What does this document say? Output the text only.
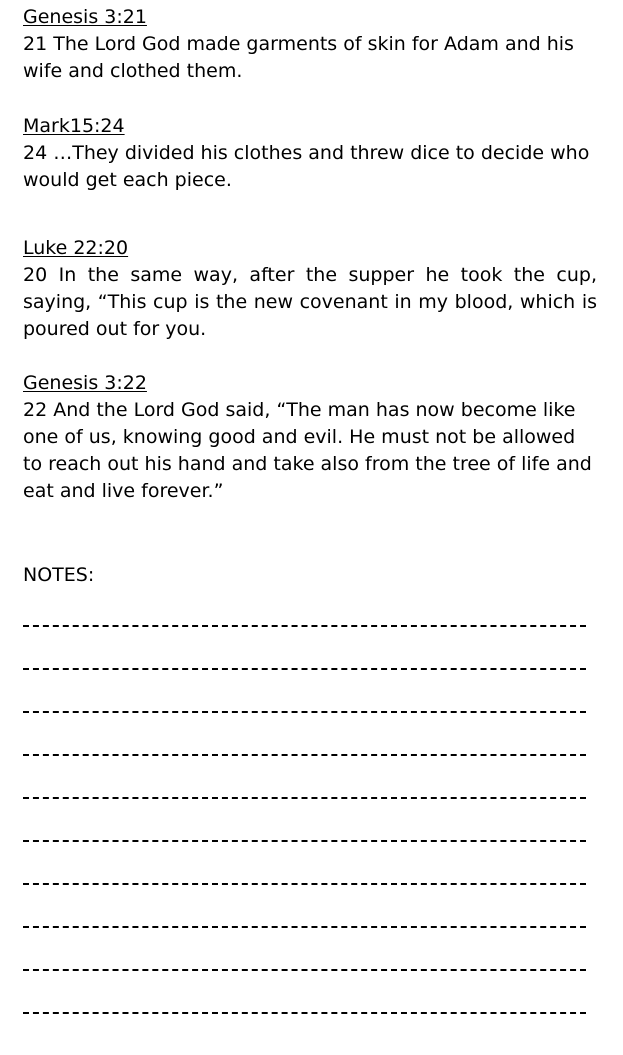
Genesis 3:21

21 The Lord God made garments of skin for Adam and his wife and clothed them.

Mark15:24

24 …They divided his clothes and threw dice to decide who would get each piece.

Luke 22:20

20 In the same way, after the supper he took the cup, saying, “This cup is the new covenant in my blood, which is poured out for you.

Genesis 3:22

22 And the Lord God said, “The man has now become like one of us, knowing good and evil. He must not be allowed to reach out his hand and take also from the tree of life and eat and live forever.”

NOTES:
